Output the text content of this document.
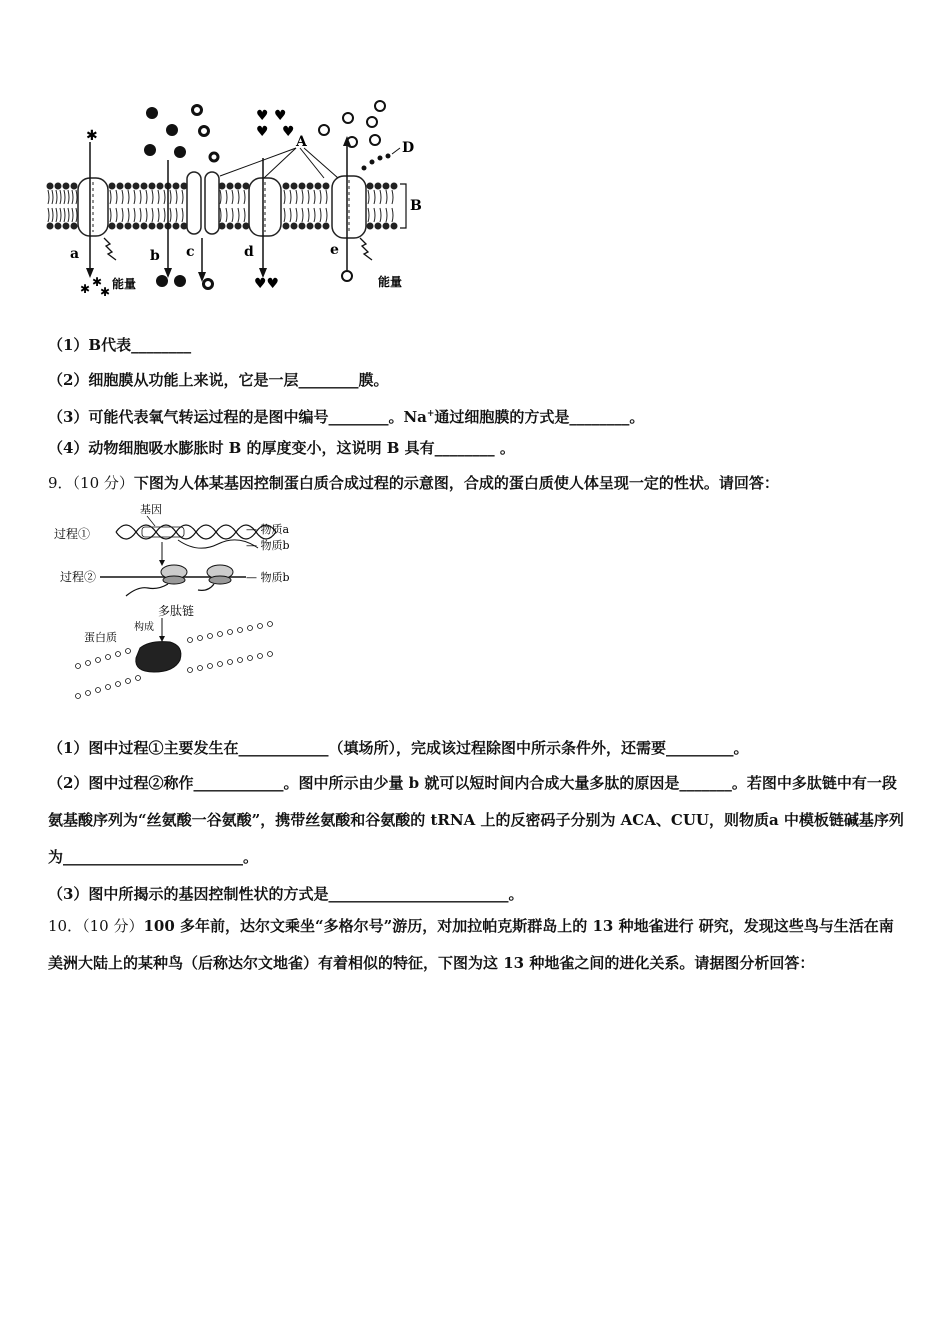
♥ ♥
♥ ♥
✱
✱ ✱
✱	♥♥
A
B
D
a	b c	d	e
能量	能量
（1）B代表________
（2）细胞膜从功能上来说，它是一层________膜。
（3）可能代表氧气转运过程的是图中编号________。Na+通过细胞膜的方式是________。
（4）动物细胞吸水膨胀时 B 的厚度变小，这说明 B 具有________ 。
9．（10 分）下图为人体某基因控制蛋白质合成过程的示意图，合成的蛋白质使人体呈现一定的性状。请回答：
基因
过程①	— 物质a
— 物质b
过程②	— 物质b
多肽链
构成
蛋白质
（1）图中过程①主要发生在____________（填场所），完成该过程除图中所示条件外，还需要_________。
（2）图中过程②称作____________。图中所示由少量 b 就可以短时间内合成大量多肽的原因是_______。若图中多肽链中有一段氨基酸序列为“丝氨酸一谷氨酸”，携带丝氨酸和谷氨酸的 tRNA 上的反密码子分别为 ACA、CUU，则物质a 中模板链碱基序列为________________________。
（3）图中所揭示的基因控制性状的方式是________________________。
10．（10 分）100 多年前，达尔文乘坐“多格尔号”游历，对加拉帕克斯群岛上的 13 种地雀进行 研究，发现这些鸟与生活在南美洲大陆上的某种鸟（后称达尔文地雀）有着相似的特征，下图为这 13 种地雀之间的进化关系。请据图分析回答：
